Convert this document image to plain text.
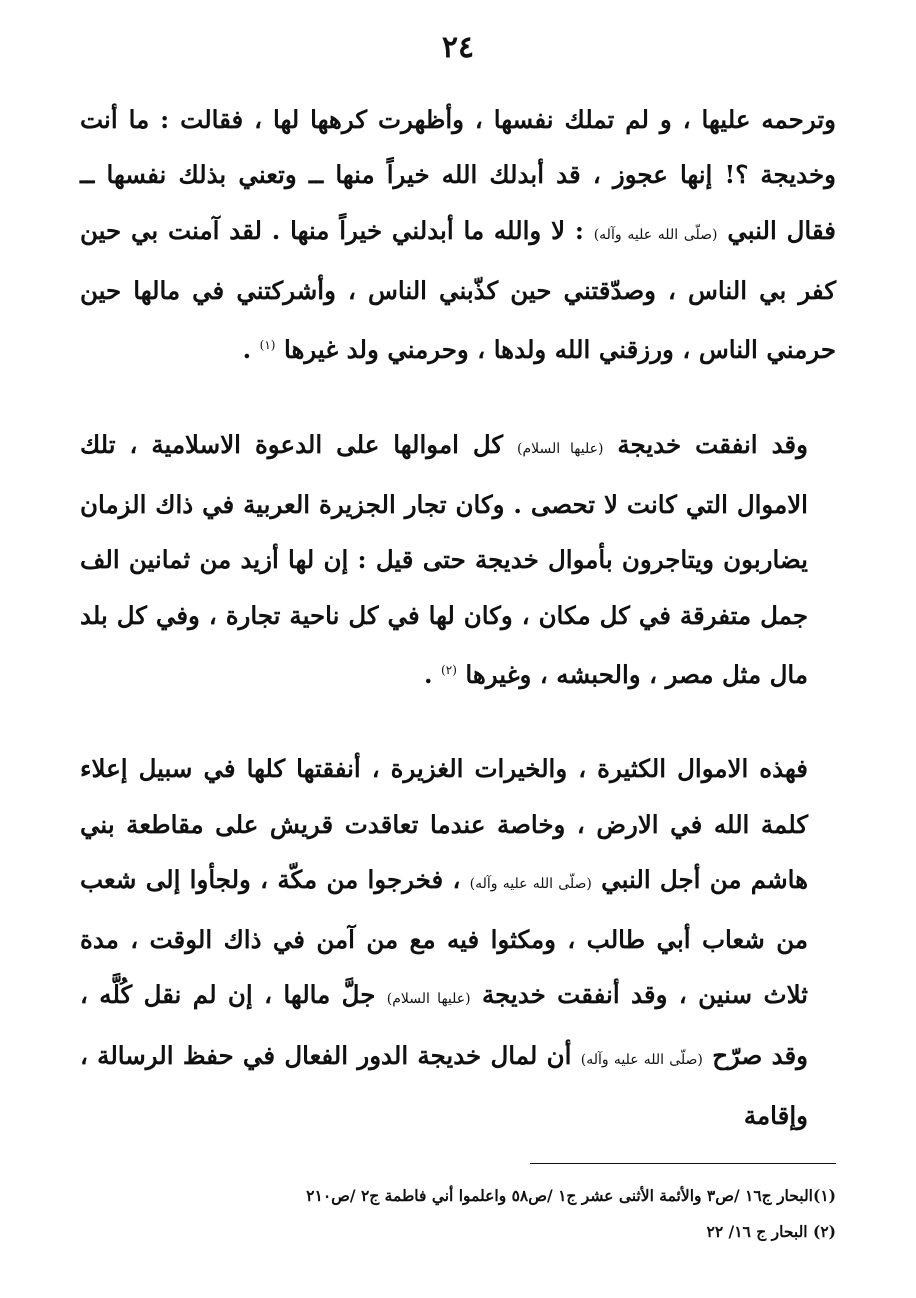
٢٤

وترحمه عليها ، و لم تملك نفسها ، وأظهرت كرهها لها ، فقالت : ما أنت وخديجة ؟! إنها عجوز ، قد أبدلك الله خيراً منها ــ وتعني بذلك نفسها ــ فقال النبي (صلّى الله عليه وآله) : لا والله ما أبدلني خيراً منها . لقد آمنت بي حين كفر بي الناس ، وصدّقتني حين كذّبني الناس ، وأشركتني في مالها حين حرمني الناس ، ورزقني الله ولدها ، وحرمني ولد غيرها $^{(١)}$ .

وقد انفقت خديجة (عليها السلام) كل اموالها على الدعوة الاسلامية ، تلك الاموال التي كانت لا تحصى . وكان تجار الجزيرة العربية في ذاك الزمان يضاربون ويتاجرون بأموال خديجة حتى قيل : إن لها أزيد من ثمانين الف جمل متفرقة في كل مكان ، وكان لها في كل ناحية تجارة ، وفي كل بلد مال مثل مصر ، والحبشه ، وغيرها $^{(٢)}$ .

فهذه الاموال الكثيرة ، والخيرات الغزيرة ، أنفقتها كلها في سبيل إعلاء كلمة الله في الارض ، وخاصة عندما تعاقدت قريش على مقاطعة بني هاشم من أجل النبي (صلّى الله عليه وآله) ، فخرجوا من مكّة ، ولجأوا إلى شعب من شعاب أبي طالب ، ومكثوا فيه مع من آمن في ذاك الوقت ، مدة ثلاث سنين ، وقد أنفقت خديجة (عليها السلام) جلَّ مالها ، إن لم نقل كُلَّه ، وقد صرّح (صلّى الله عليه وآله) أن لمال خديجة الدور الفعال في حفظ الرسالة ، وإقامة

(١)البحار ج١٦ /ص٣ والأئمة الأثنى عشر ج١ /ص٥٨ واعلموا أني فاطمة ج٢ /ص٢١٠

(٢) البحار ج ١٦/ ٢٢
